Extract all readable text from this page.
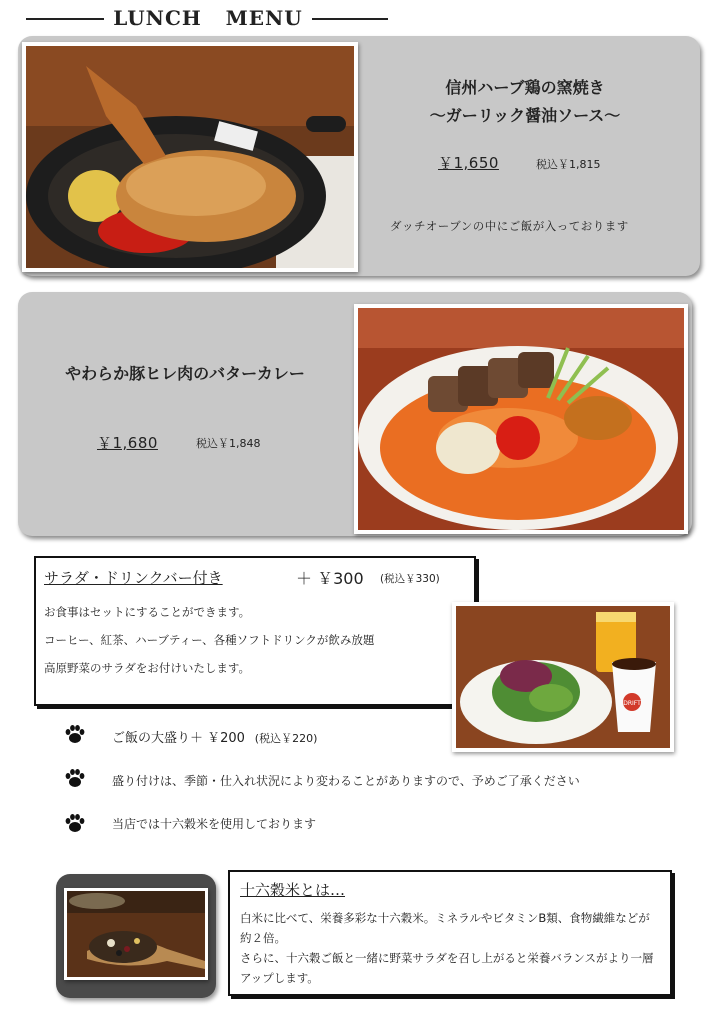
LUNCH   MENU
信州ハーブ鶏の窯焼き
～ガーリック醤油ソース～
￥1,650	税込￥1,815
ダッチオーブンの中にご飯が入っております
やわらか豚ヒレ肉のバターカレー
￥1,680	税込￥1,848
サラダ・ドリンクバー付き	＋ ￥300 (税込￥330)
お食事はセットにすることができます。
コーヒー、紅茶、ハーブティー、各種ソフトドリンクが飲み放題
高原野菜のサラダをお付けいたします。
DRIFT
ご飯の大盛り＋ ￥200 (税込￥220)
盛り付けは、季節・仕入れ状況により変わることがありますので、予めご了承ください
当店では十六穀米を使用しております
十六穀米とは…
白米に比べて、栄養多彩な十六穀米。ミネラルやビタミンB類、食物繊維などが約２倍。
さらに、十六穀ご飯と一緒に野菜サラダを召し上がると栄養バランスがより一層アップします。
